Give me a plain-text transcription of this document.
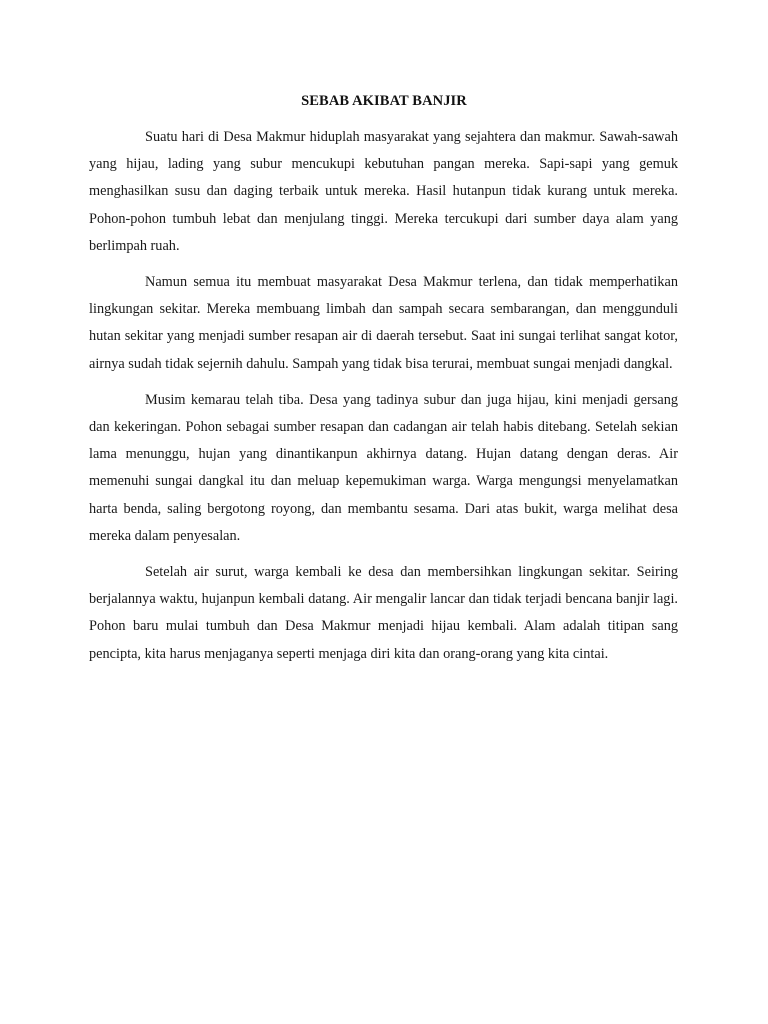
SEBAB AKIBAT BANJIR

Suatu hari di Desa Makmur hiduplah masyarakat yang sejahtera dan makmur. Sawah-sawah yang hijau, lading yang subur mencukupi kebutuhan pangan mereka. Sapi-sapi yang gemuk menghasilkan susu dan daging terbaik untuk mereka. Hasil hutanpun tidak kurang untuk mereka. Pohon-pohon tumbuh lebat dan menjulang tinggi. Mereka tercukupi dari sumber daya alam yang berlimpah ruah.

Namun semua itu membuat masyarakat Desa Makmur terlena, dan tidak memperhatikan lingkungan sekitar. Mereka membuang limbah dan sampah secara sembarangan, dan menggunduli hutan sekitar yang menjadi sumber resapan air di daerah tersebut. Saat ini sungai terlihat sangat kotor, airnya sudah tidak sejernih dahulu. Sampah yang tidak bisa terurai, membuat sungai menjadi dangkal.

Musim kemarau telah tiba. Desa yang tadinya subur dan juga hijau, kini menjadi gersang dan kekeringan. Pohon sebagai sumber resapan dan cadangan air telah habis ditebang. Setelah sekian lama menunggu, hujan yang dinantikanpun akhirnya datang. Hujan datang dengan deras. Air memenuhi sungai dangkal itu dan meluap kepemukiman warga. Warga mengungsi menyelamatkan harta benda, saling bergotong royong, dan membantu sesama. Dari atas bukit, warga melihat desa mereka dalam penyesalan.

Setelah air surut, warga kembali ke desa dan membersihkan lingkungan sekitar. Seiring berjalannya waktu, hujanpun kembali datang. Air mengalir lancar dan tidak terjadi bencana banjir lagi. Pohon baru mulai tumbuh dan Desa Makmur menjadi hijau kembali. Alam adalah titipan sang pencipta, kita harus menjaganya seperti menjaga diri kita dan orang-orang yang kita cintai.
